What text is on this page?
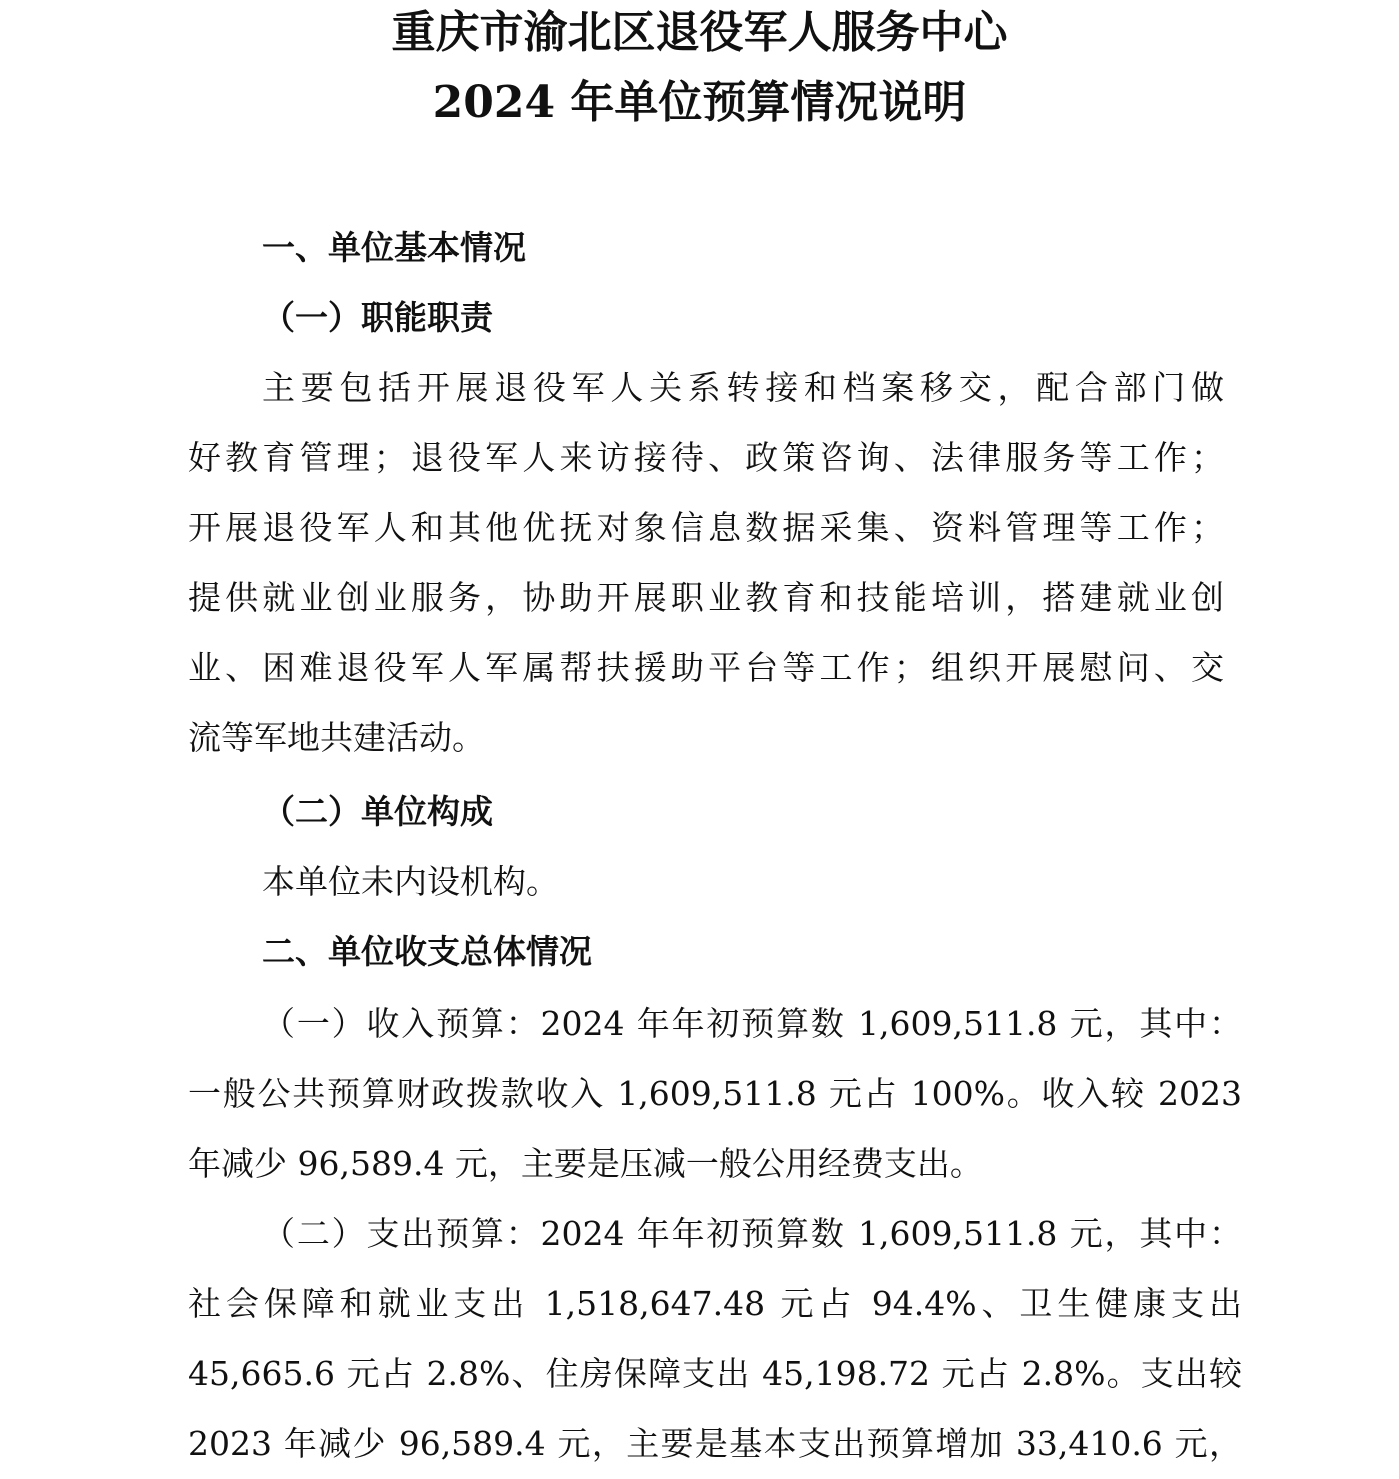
重庆市渝北区退役军人服务中心
2024 年单位预算情况说明
一、单位基本情况
（一）职能职责
主要包括开展退役军人关系转接和档案移交，配合部门做
好教育管理；退役军人来访接待、政策咨询、法律服务等工作；
开展退役军人和其他优抚对象信息数据采集、资料管理等工作；
提供就业创业服务，协助开展职业教育和技能培训，搭建就业创
业、困难退役军人军属帮扶援助平台等工作；组织开展慰问、交
流等军地共建活动。
（二）单位构成

本单位未内设机构。

二、单位收支总体情况
（一）收入预算：2024 年年初预算数 1,609,511.8 元，其中：
一般公共预算财政拨款收入 1,609,511.8 元占 100%。收入较 2023
年减少 96,589.4 元，主要是压减一般公用经费支出。
（二）支出预算：2024 年年初预算数 1,609,511.8 元，其中：
社会保障和就业支出 1,518,647.48 元占 94.4%、卫生健康支出
45,665.6 元占 2.8%、住房保障支出 45,198.72 元占 2.8%。支出较
2023 年减少 96,589.4 元，主要是基本支出预算增加 33,410.6 元，
